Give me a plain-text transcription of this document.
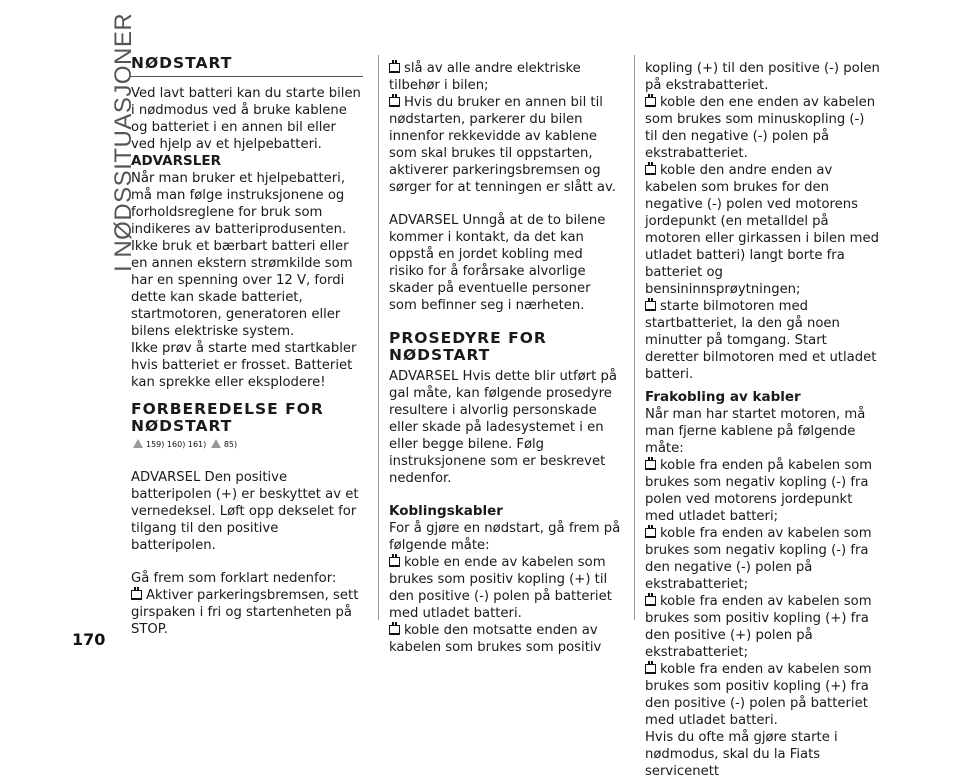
I NØDSSITUASJONER
170
NØDSTART

Ved lavt batteri kan du starte bilen i nødmodus ved å bruke kablene og batteriet i en annen bil eller ved hjelp av et hjelpebatteri.

ADVARSLER

Når man bruker et hjelpebatteri, må man følge instruksjonene og forholdsreglene for bruk som indikeres av batteriprodusenten.

Ikke bruk et bærbart batteri eller en annen ekstern strømkilde som har en spenning over 12 V, fordi dette kan skade batteriet, startmotoren, generatoren eller bilens elektriske system.

Ikke prøv å starte med startkabler hvis batteriet er frosset. Batteriet kan sprekke eller eksplodere!

FORBEREDELSE FOR NØDSTART
159) 160) 161) 85)

ADVARSEL Den positive batteripolen (+) er beskyttet av et vernedeksel. Løft opp dekselet for tilgang til den positive batteripolen.

Gå frem som forklart nedenfor:

Aktiver parkeringsbremsen, sett girspaken i fri og startenheten på STOP.

slå av alle andre elektriske tilbehør i bilen;

Hvis du bruker en annen bil til nødstarten, parkerer du bilen innenfor rekkevidde av kablene som skal brukes til oppstarten, aktiverer parkeringsbremsen og sørger for at tenningen er slått av.

ADVARSEL Unngå at de to bilene kommer i kontakt, da det kan oppstå en jordet kobling med risiko for å forårsake alvorlige skader på eventuelle personer som befinner seg i nærheten.

PROSEDYRE FOR NØDSTART

ADVARSEL Hvis dette blir utført på gal måte, kan følgende prosedyre resultere i alvorlig personskade eller skade på ladesystemet i en eller begge bilene. Følg instruksjonene som er beskrevet nedenfor.

Koblingskabler

For å gjøre en nødstart, gå frem på følgende måte:

koble en ende av kabelen som brukes som positiv kopling (+) til den positive (-) polen på batteriet med utladet batteri.

koble den motsatte enden av kabelen som brukes som positiv

kopling (+) til den positive (-) polen på ekstrabatteriet.

koble den ene enden av kabelen som brukes som minuskopling (-) til den negative (-) polen på ekstrabatteriet.

koble den andre enden av kabelen som brukes for den negative (-) polen ved motorens jordepunkt (en metalldel på motoren eller girkassen i bilen med utladet batteri) langt borte fra batteriet og bensininnsprøytningen;

starte bilmotoren med startbatteriet, la den gå noen minutter på tomgang. Start deretter bilmotoren med et utladet batteri.

Frakobling av kabler

Når man har startet motoren, må man fjerne kablene på følgende måte:

koble fra enden på kabelen som brukes som negativ kopling (-) fra polen ved motorens jordepunkt med utladet batteri;

koble fra enden av kabelen som brukes som negativ kopling (-) fra den negative (-) polen på ekstrabatteriet;

koble fra enden av kabelen som brukes som positiv kopling (+) fra den positive (+) polen på ekstrabatteriet;

koble fra enden av kabelen som brukes som positiv kopling (+) fra den positive (-) polen på batteriet med utladet batteri.

Hvis du ofte må gjøre starte i nødmodus, skal du la Fiats servicenett
